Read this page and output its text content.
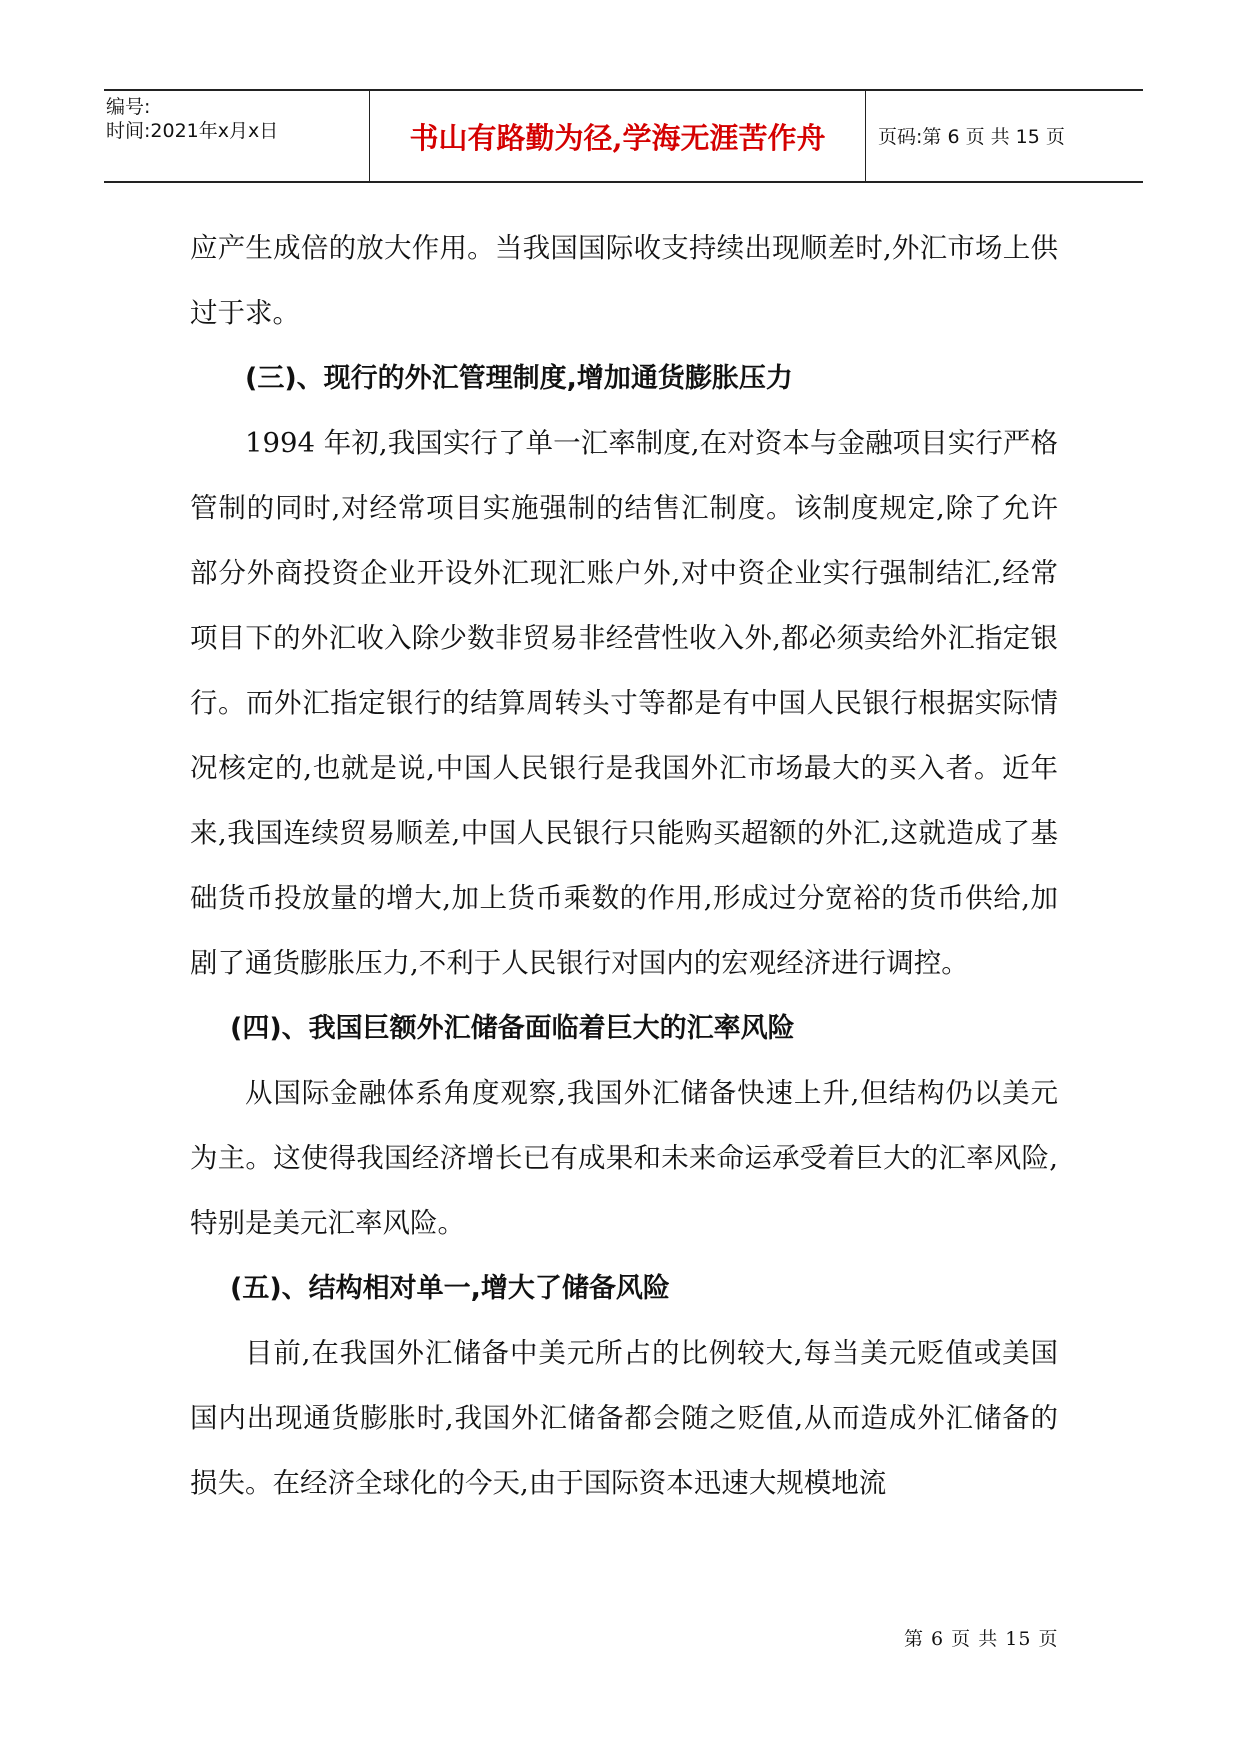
编号:
时间:2021年x月x日	书山有路勤为径,学海无涯苦作舟	页码:第 6 页 共 15 页

应产生成倍的放大作用。当我国国际收支持续出现顺差时,外汇市场上供过于求。

(三)、现行的外汇管理制度,增加通货膨胀压力

1994 年初,我国实行了单一汇率制度,在对资本与金融项目实行严格管制的同时,对经常项目实施强制的结售汇制度。该制度规定,除了允许部分外商投资企业开设外汇现汇账户外,对中资企业实行强制结汇,经常项目下的外汇收入除少数非贸易非经营性收入外,都必须卖给外汇指定银行。而外汇指定银行的结算周转头寸等都是有中国人民银行根据实际情况核定的,也就是说,中国人民银行是我国外汇市场最大的买入者。近年来,我国连续贸易顺差,中国人民银行只能购买超额的外汇,这就造成了基础货币投放量的增大,加上货币乘数的作用,形成过分宽裕的货币供给,加剧了通货膨胀压力,不利于人民银行对国内的宏观经济进行调控。

(四)、我国巨额外汇储备面临着巨大的汇率风险

从国际金融体系角度观察,我国外汇储备快速上升,但结构仍以美元为主。这使得我国经济增长已有成果和未来命运承受着巨大的汇率风险,特别是美元汇率风险。

(五)、结构相对单一,增大了储备风险

目前,在我国外汇储备中美元所占的比例较大,每当美元贬值或美国国内出现通货膨胀时,我国外汇储备都会随之贬值,从而造成外汇储备的损失。在经济全球化的今天,由于国际资本迅速大规模地流

第 6 页 共 15 页
